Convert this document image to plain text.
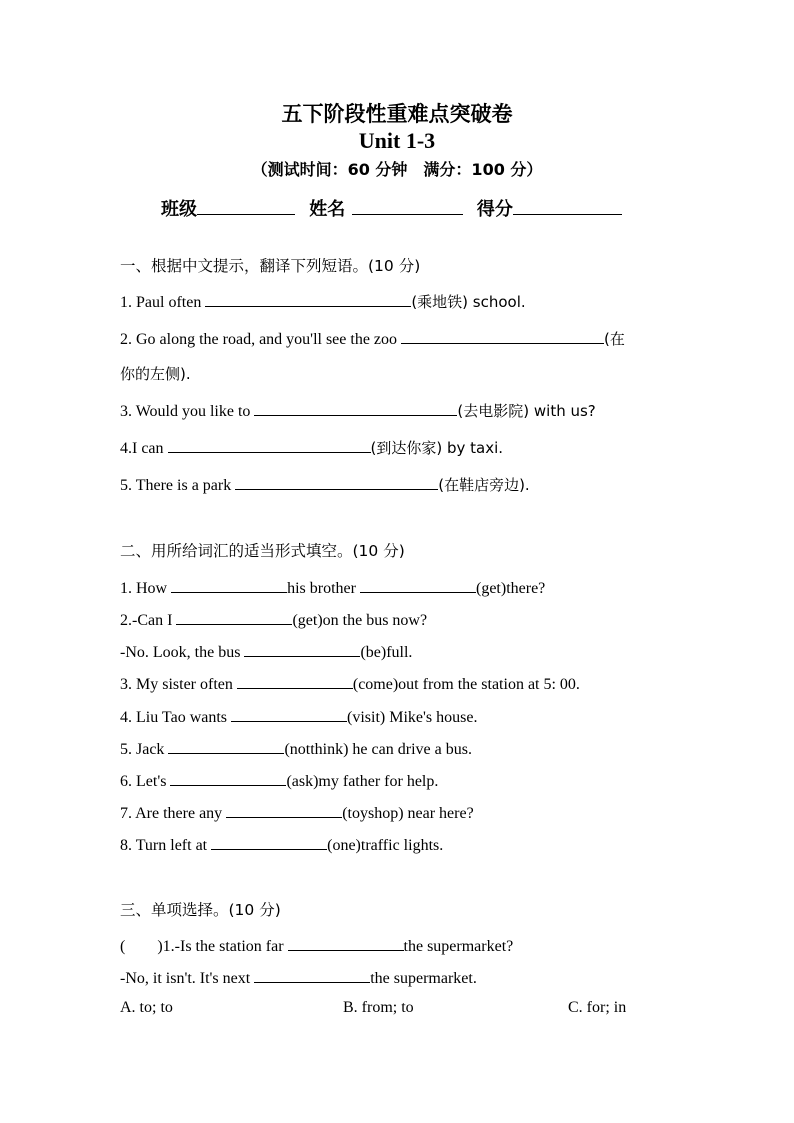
五下阶段性重难点突破卷
Unit 1-3
（测试时间：60 分钟　满分：100 分）
班级	姓名	得分
一、根据中文提示，翻译下列短语。(10 分)
1. Paul often	(乘地铁) school.
2. Go along the road, and you'll see the zoo	(在
你的左侧).
3. Would you like to	(去电影院) with us?
4.I can	(到达你家) by taxi.
5. There is a park	(在鞋店旁边).
二、用所给词汇的适当形式填空。(10 分)
1. How	his brother	(get)there?
2.-Can I	(get)on the bus now?
-No. Look, the bus	(be)full.
3. My sister often	(come)out from the station at 5: 00.
4. Liu Tao wants	(visit) Mike's house.
5. Jack	(notthink) he can drive a bus.
6. Let's	(ask)my father for help.
7. Are there any	(toyshop) near here?
8. Turn left at	(one)traffic lights.
三、单项选择。(10 分)
(　　)1.-Is the station far	the supermarket?
-No, it isn't. It's next	the supermarket.
A. to; to	B. from; to	C. for; in
